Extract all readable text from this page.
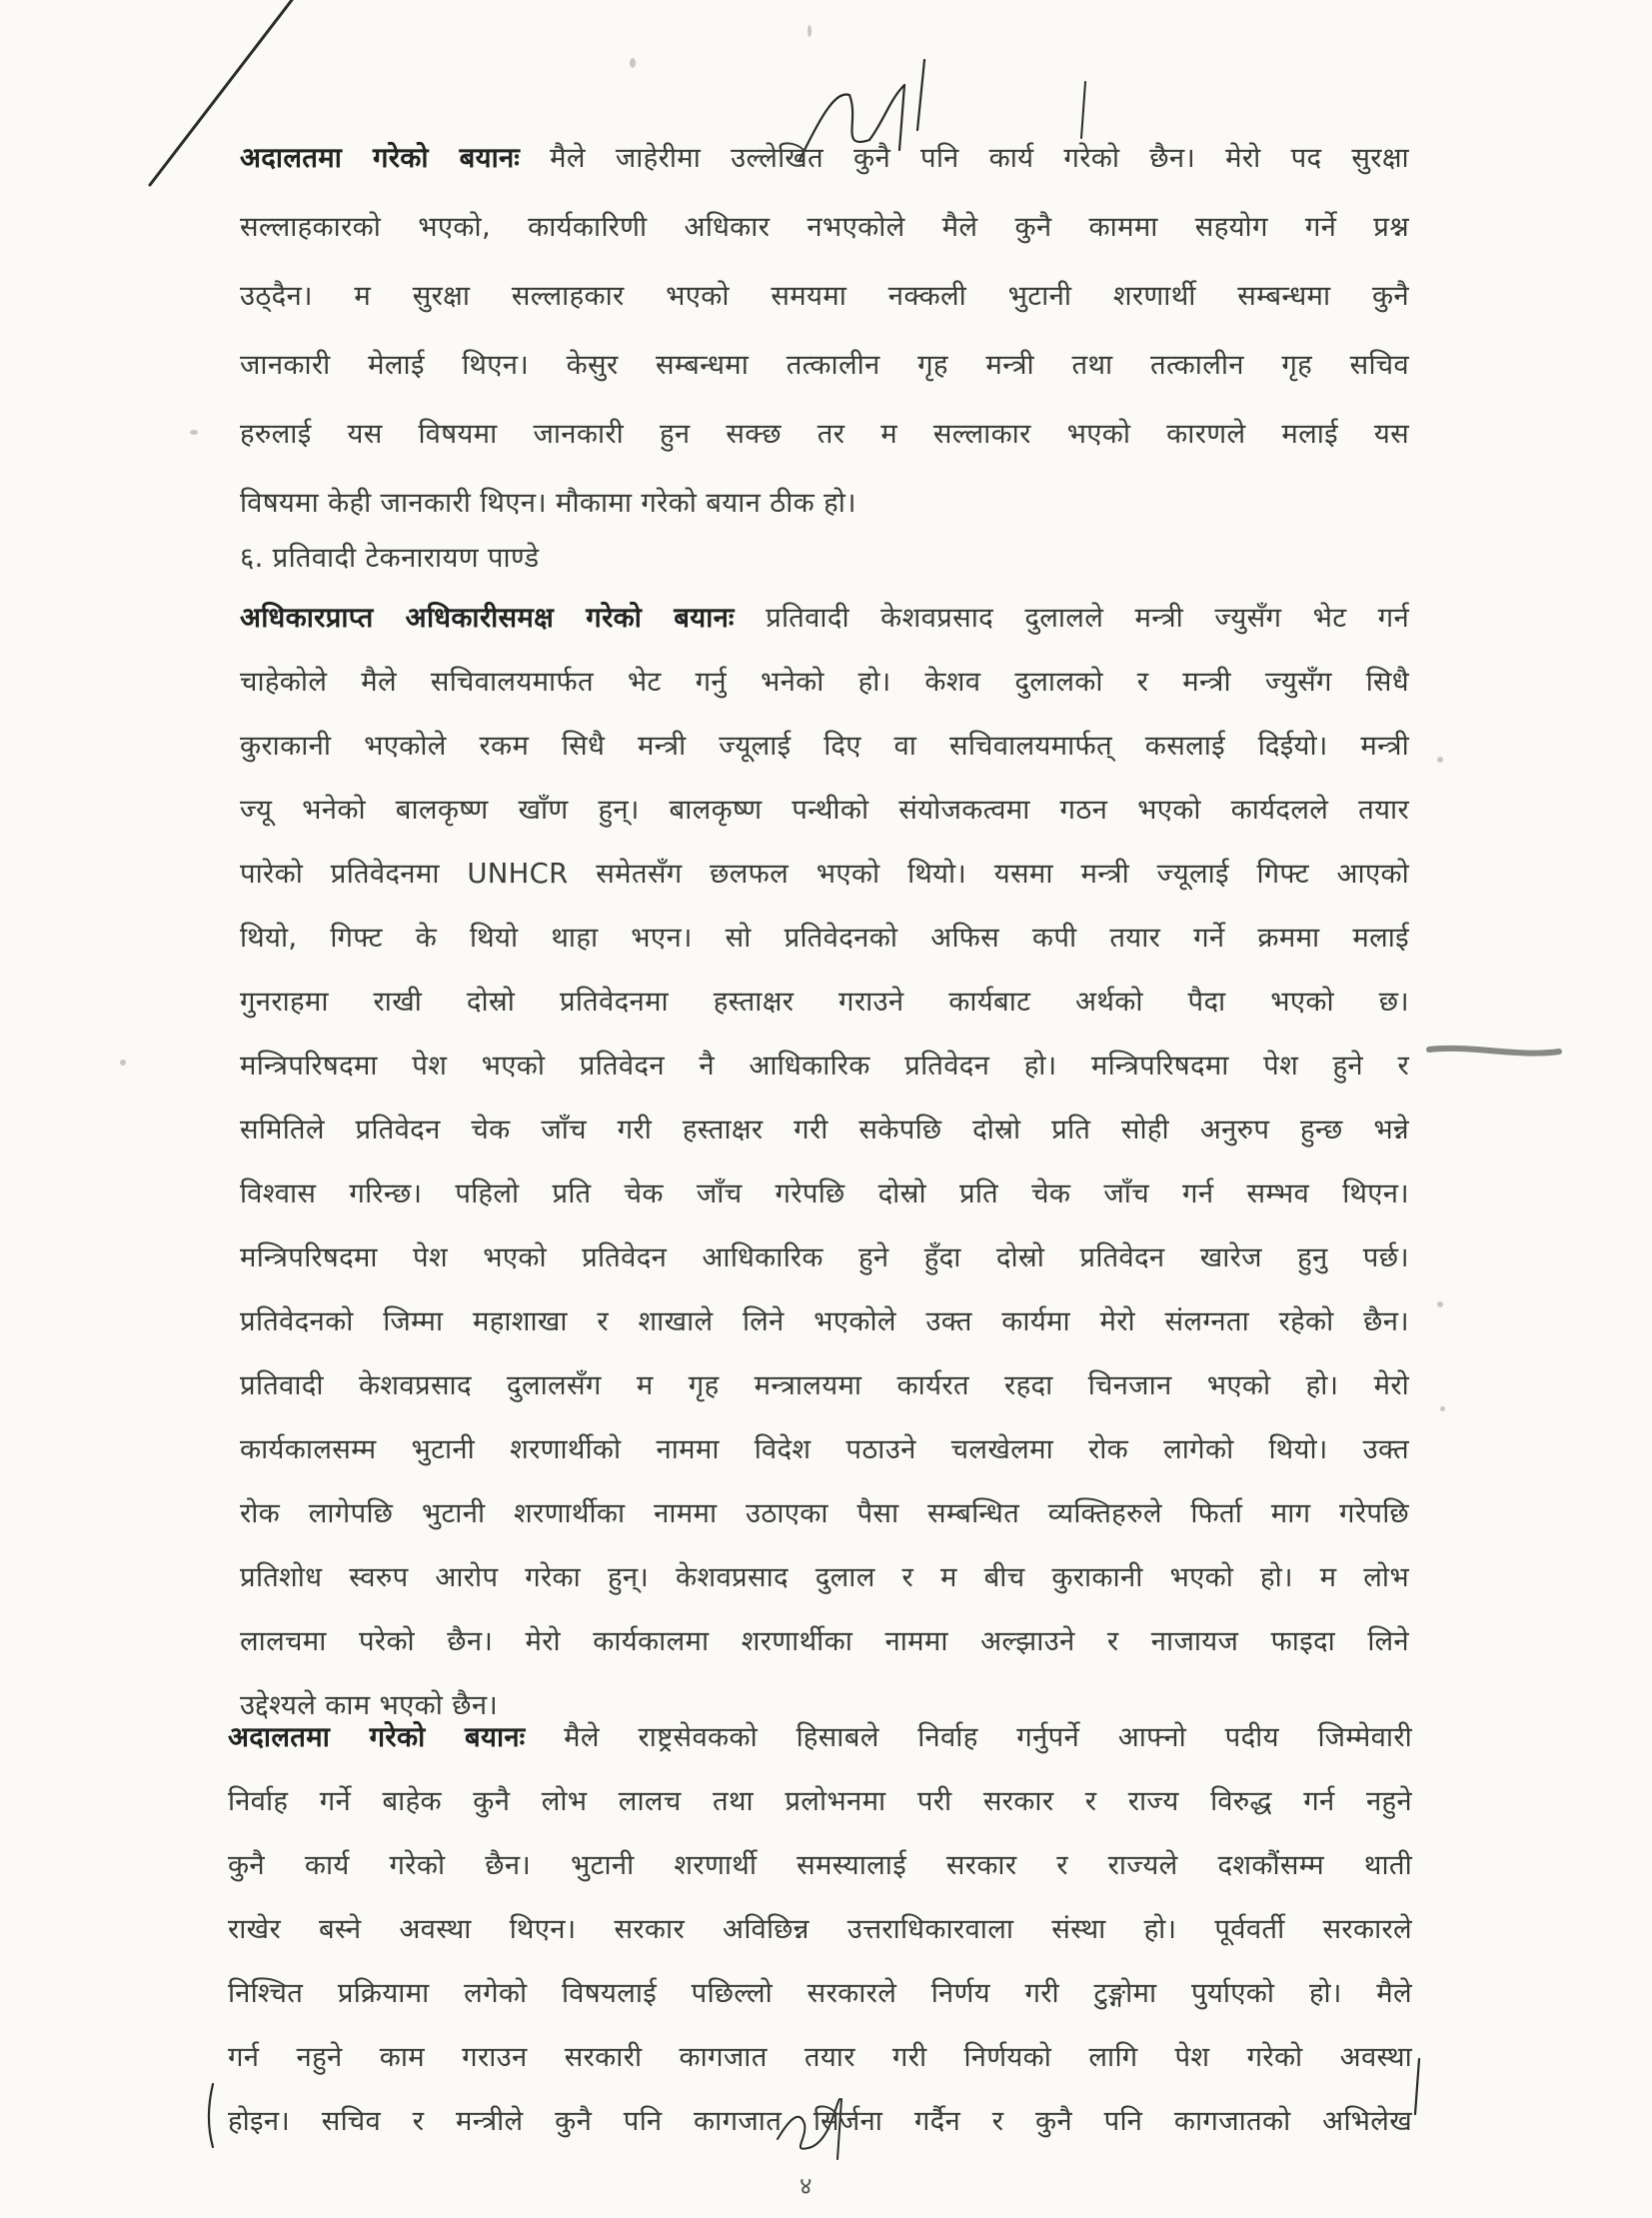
अदालतमा गरेको बयानः मैले जाहेरीमा उल्लेखित कुनै पनि कार्य गरेको छैन। मेरो पद सुरक्षा
सल्लाहकारको भएको, कार्यकारिणी अधिकार नभएकोले मैले कुनै काममा सहयोग गर्ने प्रश्न
उठ्दैन। म सुरक्षा सल्लाहकार भएको समयमा नक्कली भुटानी शरणार्थी सम्बन्धमा कुनै
जानकारी मेलाई थिएन। केसुर सम्बन्धमा तत्कालीन गृह मन्त्री तथा तत्कालीन गृह सचिव
हरुलाई यस विषयमा जानकारी हुन सक्छ तर म सल्लाकार भएको कारणले मलाई यस
विषयमा केही जानकारी थिएन। मौकामा गरेको बयान ठीक हो।
६. प्रतिवादी टेकनारायण पाण्डे
अधिकारप्राप्त अधिकारीसमक्ष गरेको बयानः प्रतिवादी केशवप्रसाद दुलालले मन्त्री ज्युसँग भेट गर्न
चाहेकोले मैले सचिवालयमार्फत भेट गर्नु भनेको हो। केशव दुलालको र मन्त्री ज्युसँग सिधै
कुराकानी भएकोले रकम सिधै मन्त्री ज्यूलाई दिए वा सचिवालयमार्फत् कसलाई दिईयो। मन्त्री
ज्यू भनेको बालकृष्ण खाँण हुन्। बालकृष्ण पन्थीको संयोजकत्वमा गठन भएको कार्यदलले तयार
पारेको प्रतिवेदनमा UNHCR समेतसँग छलफल भएको थियो। यसमा मन्त्री ज्यूलाई गिफ्ट आएको
थियो, गिफ्ट के थियो थाहा भएन। सो प्रतिवेदनको अफिस कपी तयार गर्ने क्रममा मलाई
गुनराहमा राखी दोस्रो प्रतिवेदनमा हस्ताक्षर गराउने कार्यबाट अर्थको पैदा भएको छ।
मन्त्रिपरिषदमा पेश भएको प्रतिवेदन नै आधिकारिक प्रतिवेदन हो। मन्त्रिपरिषदमा पेश हुने र
समितिले प्रतिवेदन चेक जाँच गरी हस्ताक्षर गरी सकेपछि दोस्रो प्रति सोही अनुरुप हुन्छ भन्ने
विश्वास गरिन्छ। पहिलो प्रति चेक जाँच गरेपछि दोस्रो प्रति चेक जाँच गर्न सम्भव थिएन।
मन्त्रिपरिषदमा पेश भएको प्रतिवेदन आधिकारिक हुने हुँदा दोस्रो प्रतिवेदन खारेज हुनु पर्छ।
प्रतिवेदनको जिम्मा महाशाखा र शाखाले लिने भएकोले उक्त कार्यमा मेरो संलग्नता रहेको छैन।
प्रतिवादी केशवप्रसाद दुलालसँग म गृह मन्त्रालयमा कार्यरत रहदा चिनजान भएको हो। मेरो
कार्यकालसम्म भुटानी शरणार्थीको नाममा विदेश पठाउने चलखेलमा रोक लागेको थियो। उक्त
रोक लागेपछि भुटानी शरणार्थीका नाममा उठाएका पैसा सम्बन्धित व्यक्तिहरुले फिर्ता माग गरेपछि
प्रतिशोध स्वरुप आरोप गरेका हुन्। केशवप्रसाद दुलाल र म बीच कुराकानी भएको हो। म लोभ
लालचमा परेको छैन। मेरो कार्यकालमा शरणार्थीका नाममा अल्झाउने र नाजायज फाइदा लिने
उद्देश्यले काम भएको छैन।
अदालतमा गरेको बयानः मैले राष्ट्रसेवकको हिसाबले निर्वाह गर्नुपर्ने आफ्नो पदीय जिम्मेवारी
निर्वाह गर्ने बाहेक कुनै लोभ लालच तथा प्रलोभनमा परी सरकार र राज्य विरुद्ध गर्न नहुने
कुनै कार्य गरेको छैन। भुटानी शरणार्थी समस्यालाई सरकार र राज्यले दशकौंसम्म थाती
राखेर बस्ने अवस्था थिएन। सरकार अविछिन्न उत्तराधिकारवाला संस्था हो। पूर्ववर्ती सरकारले
निश्चित प्रक्रियामा लगेको विषयलाई पछिल्लो सरकारले निर्णय गरी टुङ्गोमा पुर्याएको हो। मैले
गर्न नहुने काम गराउन सरकारी कागजात तयार गरी निर्णयको लागि पेश गरेको अवस्था
होइन। सचिव र मन्त्रीले कुनै पनि कागजात सिर्जना गर्दैन र कुनै पनि कागजातको अभिलेख
४
